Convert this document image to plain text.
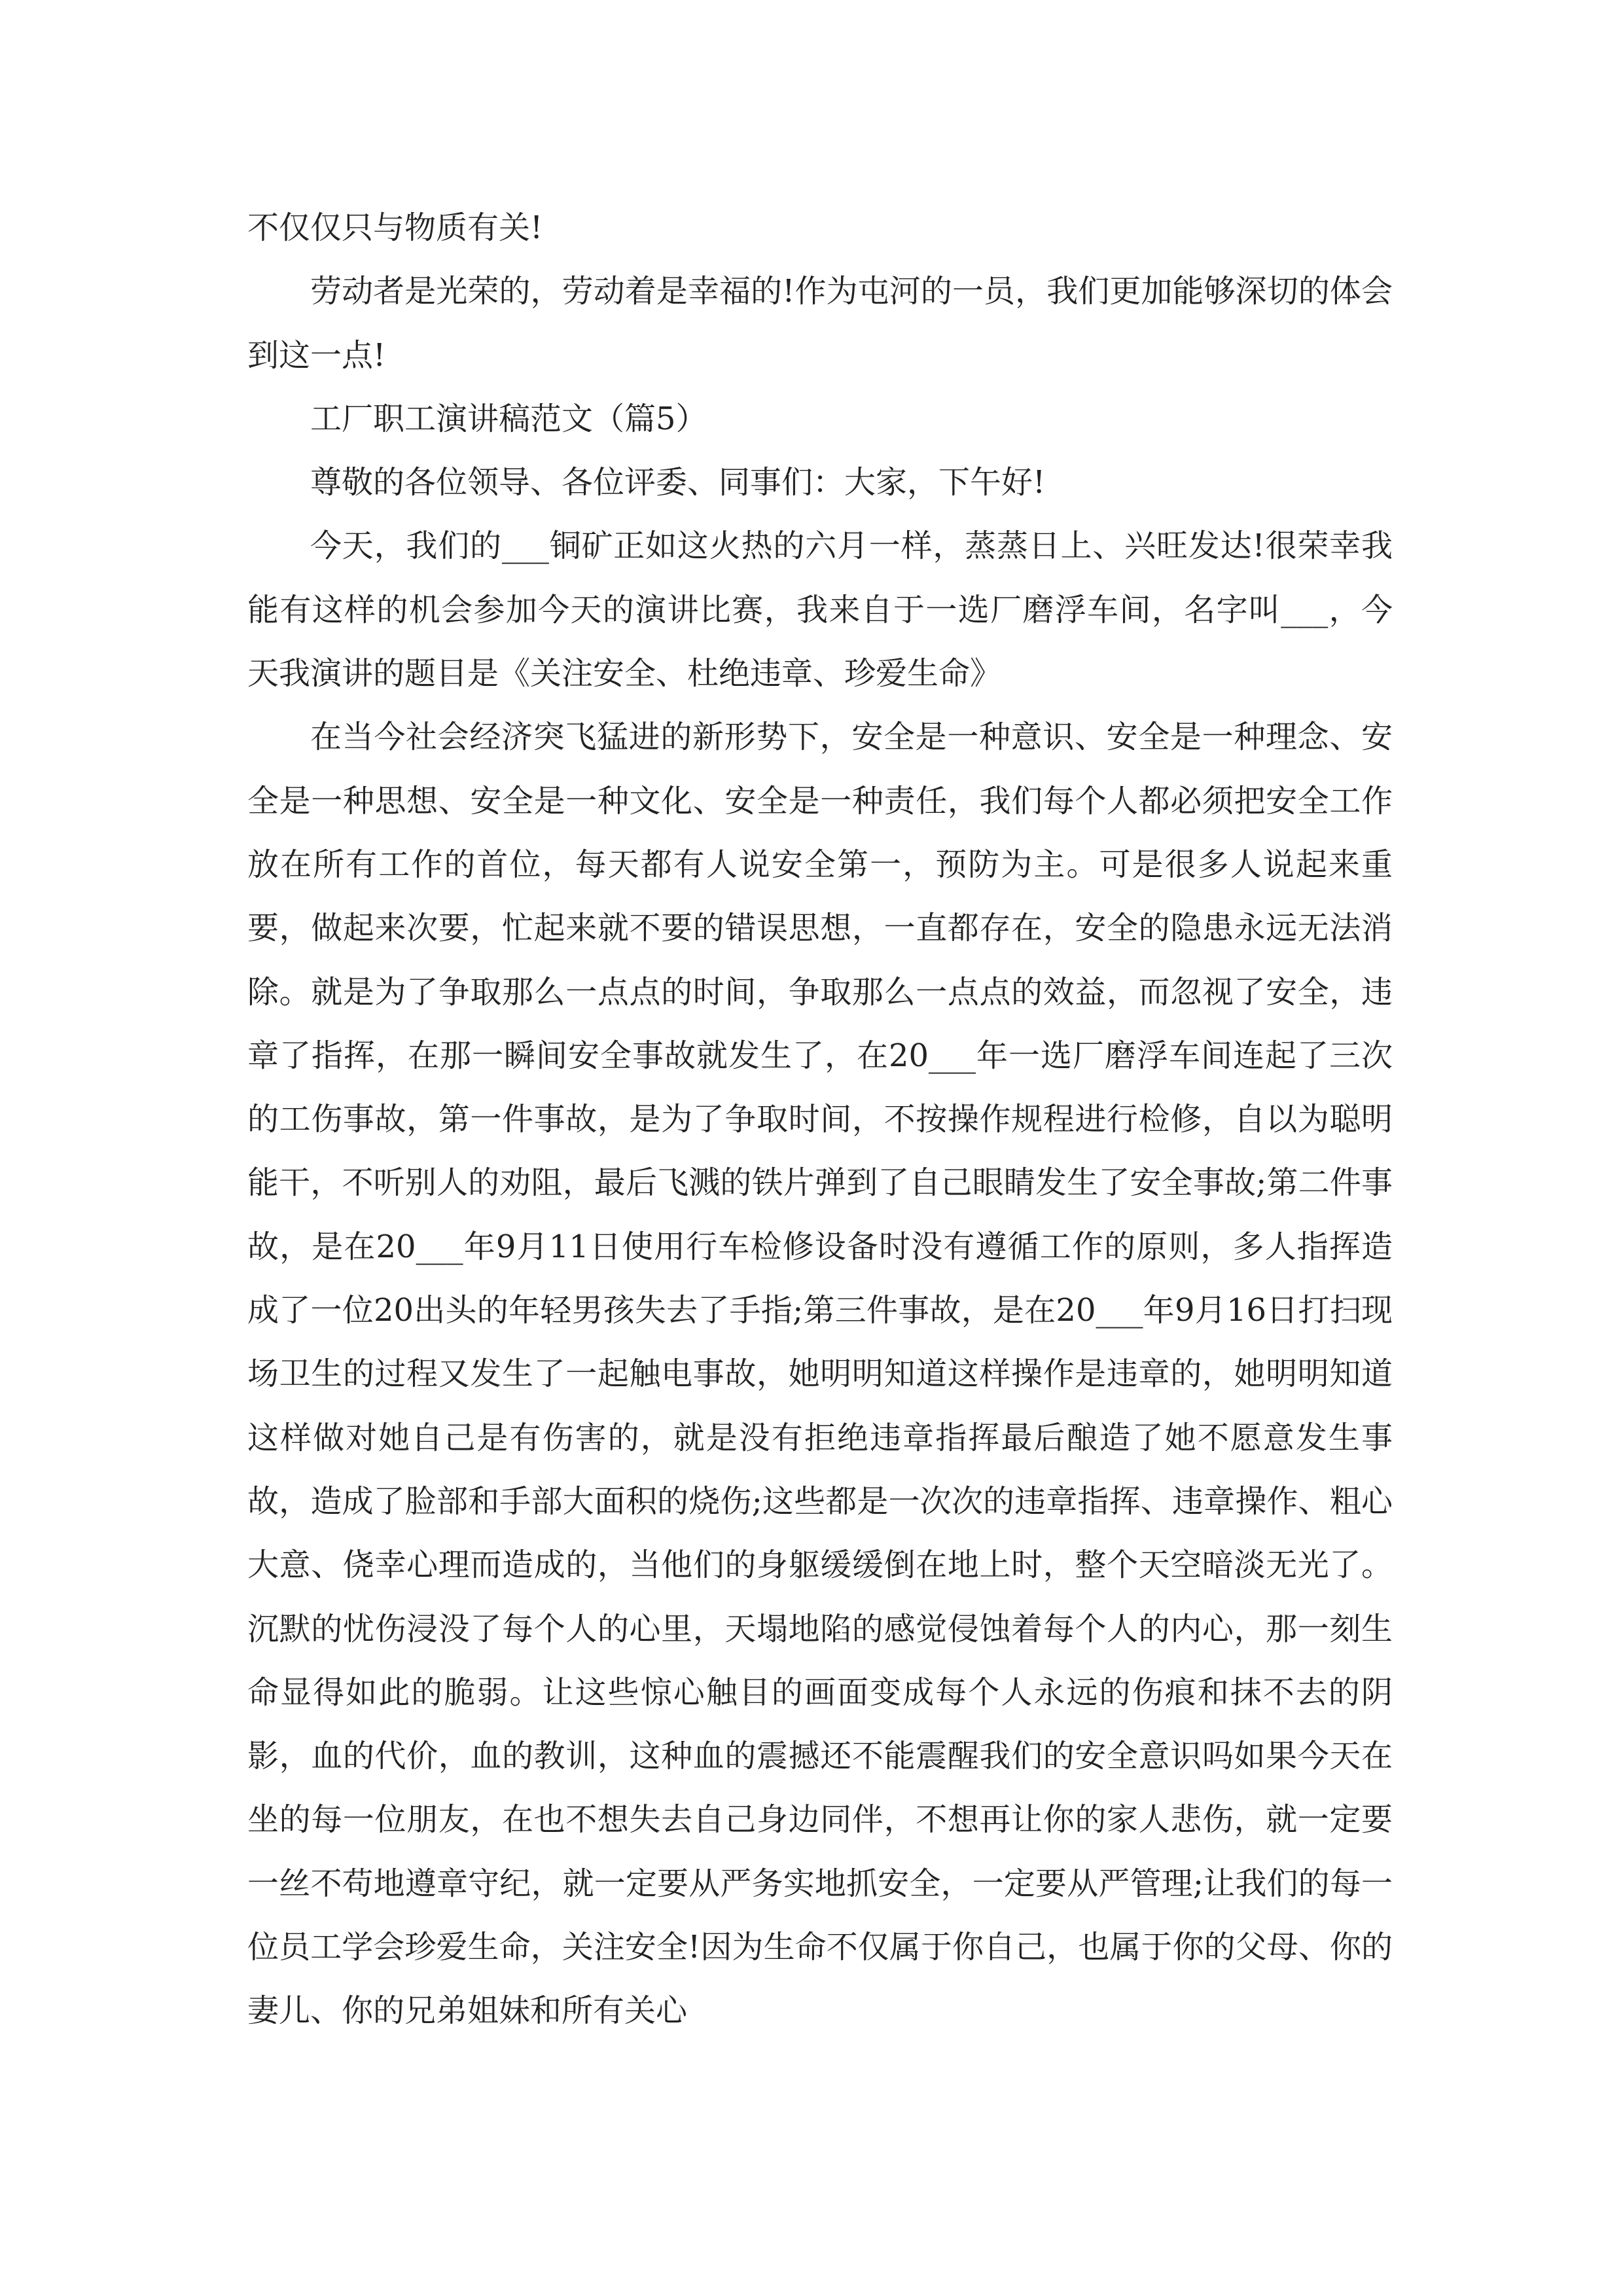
不仅仅只与物质有关!

劳动者是光荣的，劳动着是幸福的!作为屯河的一员，我们更加能够深切的体会到这一点!

工厂职工演讲稿范文（篇5）

尊敬的各位领导、各位评委、同事们：大家，下午好!

今天，我们的___铜矿正如这火热的六月一样，蒸蒸日上、兴旺发达!很荣幸我能有这样的机会参加今天的演讲比赛，我来自于一选厂磨浮车间，名字叫___，今天我演讲的题目是《关注安全、杜绝违章、珍爱生命》

在当今社会经济突飞猛进的新形势下，安全是一种意识、安全是一种理念、安全是一种思想、安全是一种文化、安全是一种责任，我们每个人都必须把安全工作放在所有工作的首位，每天都有人说安全第一，预防为主。可是很多人说起来重要，做起来次要，忙起来就不要的错误思想，一直都存在，安全的隐患永远无法消除。就是为了争取那么一点点的时间，争取那么一点点的效益，而忽视了安全，违章了指挥，在那一瞬间安全事故就发生了，在20___年一选厂磨浮车间连起了三次的工伤事故，第一件事故，是为了争取时间，不按操作规程进行检修，自以为聪明能干，不听别人的劝阻，最后飞溅的铁片弹到了自己眼睛发生了安全事故;第二件事故，是在20___年9月11日使用行车检修设备时没有遵循工作的原则，多人指挥造成了一位20出头的年轻男孩失去了手指;第三件事故，是在20___年9月16日打扫现场卫生的过程又发生了一起触电事故，她明明知道这样操作是违章的，她明明知道这样做对她自己是有伤害的，就是没有拒绝违章指挥最后酿造了她不愿意发生事故，造成了脸部和手部大面积的烧伤;这些都是一次次的违章指挥、违章操作、粗心大意、侥幸心理而造成的，当他们的身躯缓缓倒在地上时，整个天空暗淡无光了。沉默的忧伤浸没了每个人的心里，天塌地陷的感觉侵蚀着每个人的内心，那一刻生命显得如此的脆弱。让这些惊心触目的画面变成每个人永远的伤痕和抹不去的阴影，血的代价，血的教训，这种血的震撼还不能震醒我们的安全意识吗如果今天在坐的每一位朋友，在也不想失去自己身边同伴，不想再让你的家人悲伤，就一定要一丝不苟地遵章守纪，就一定要从严务实地抓安全，一定要从严管理;让我们的每一位员工学会珍爱生命，关注安全!因为生命不仅属于你自己，也属于你的父母、你的妻儿、你的兄弟姐妹和所有关心
